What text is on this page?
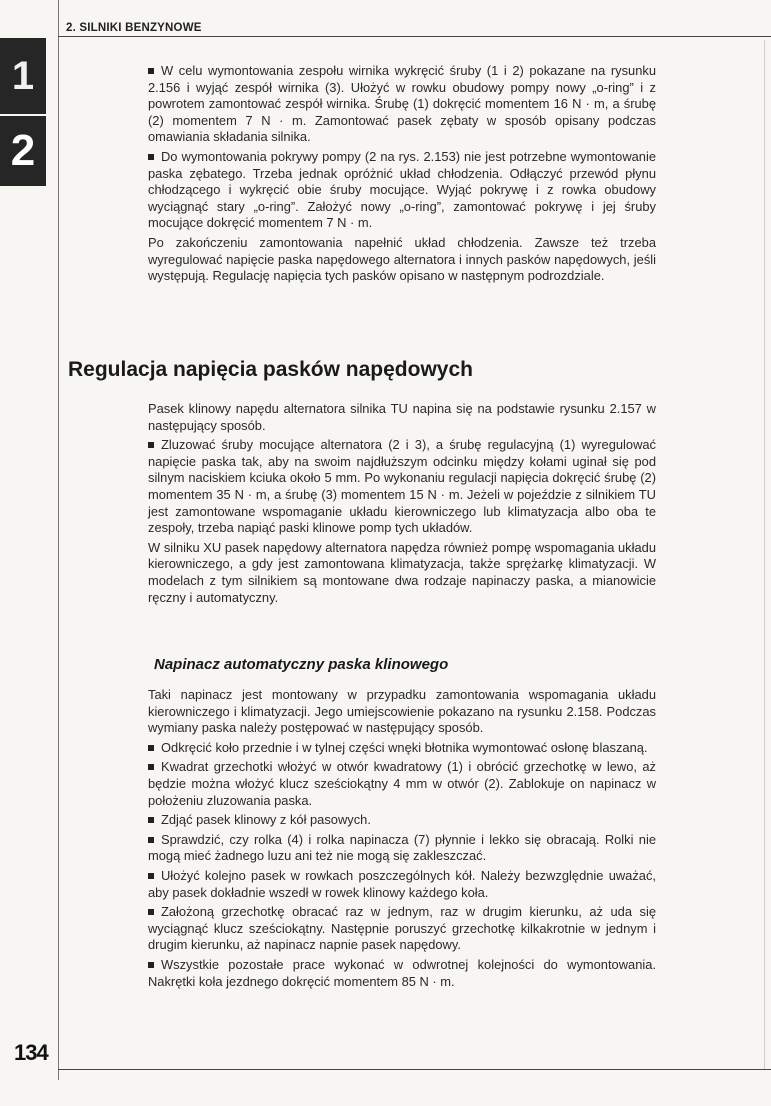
2. SILNIKI BENZYNOWE
1
2

W celu wymontowania zespołu wirnika wykręcić śruby (1 i 2) pokazane na rysunku 2.156 i wyjąć zespół wirnika (3). Ułożyć w rowku obudowy pompy nowy „o-ring” i z powrotem zamontować zespół wirnika. Śrubę (1) dokręcić momentem 16 N · m, a śrubę (2) momentem 7 N · m. Zamontować pasek zębaty w sposób opisany podczas omawiania składania silnika.

Do wymontowania pokrywy pompy (2 na rys. 2.153) nie jest potrzebne wymontowanie paska zębatego. Trzeba jednak opróżnić układ chłodzenia. Odłączyć przewód płynu chłodzącego i wykręcić obie śruby mocujące. Wyjąć pokrywę i z rowka obudowy wyciągnąć stary „o-ring”. Założyć nowy „o-ring”, zamontować pokrywę i jej śruby mocujące dokręcić momentem 7 N · m.

Po zakończeniu zamontowania napełnić układ chłodzenia. Zawsze też trzeba wyregulować napięcie paska napędowego alternatora i innych pasków napędowych, jeśli występują. Regulację napięcia tych pasków opisano w następnym podrozdziale.

Regulacja napięcia pasków napędowych

Pasek klinowy napędu alternatora silnika TU napina się na podstawie rysunku 2.157 w następujący sposób.

Zluzować śruby mocujące alternatora (2 i 3), a śrubę regulacyjną (1) wyregulować napięcie paska tak, aby na swoim najdłuższym odcinku między kołami uginał się pod silnym naciskiem kciuka około 5 mm. Po wykonaniu regulacji napięcia dokręcić śrubę (2) momentem 35 N · m, a śrubę (3) momentem 15 N · m. Jeżeli w pojeździe z silnikiem TU jest zamontowane wspomaganie układu kierowniczego lub klimatyzacja albo oba te zespoły, trzeba napiąć paski klinowe pomp tych układów.

W silniku XU pasek napędowy alternatora napędza również pompę wspomagania układu kierowniczego, a gdy jest zamontowana klimatyzacja, także sprężarkę klimatyzacji. W modelach z tym silnikiem są montowane dwa rodzaje napinaczy paska, a mianowicie ręczny i automatyczny.

Napinacz automatyczny paska klinowego

Taki napinacz jest montowany w przypadku zamontowania wspomagania układu kierowniczego i klimatyzacji. Jego umiejscowienie pokazano na rysunku 2.158. Podczas wymiany paska należy postępować w następujący sposób.

Odkręcić koło przednie i w tylnej części wnęki błotnika wymontować osłonę blaszaną.

Kwadrat grzechotki włożyć w otwór kwadratowy (1) i obrócić grzechotkę w lewo, aż będzie można włożyć klucz sześciokątny 4 mm w otwór (2). Zablokuje on napinacz w położeniu zluzowania paska.

Zdjąć pasek klinowy z kół pasowych.

Sprawdzić, czy rolka (4) i rolka napinacza (7) płynnie i lekko się obracają. Rolki nie mogą mieć żadnego luzu ani też nie mogą się zakleszczać.

Ułożyć kolejno pasek w rowkach poszczególnych kół. Należy bezwzględnie uważać, aby pasek dokładnie wszedł w rowek klinowy każdego koła.

Założoną grzechotkę obracać raz w jednym, raz w drugim kierunku, aż uda się wyciągnąć klucz sześciokątny. Następnie poruszyć grzechotkę kilkakrotnie w jednym i drugim kierunku, aż napinacz napnie pasek napędowy.

Wszystkie pozostałe prace wykonać w odwrotnej kolejności do wymontowania. Nakrętki koła jezdnego dokręcić momentem 85 N · m.

134
